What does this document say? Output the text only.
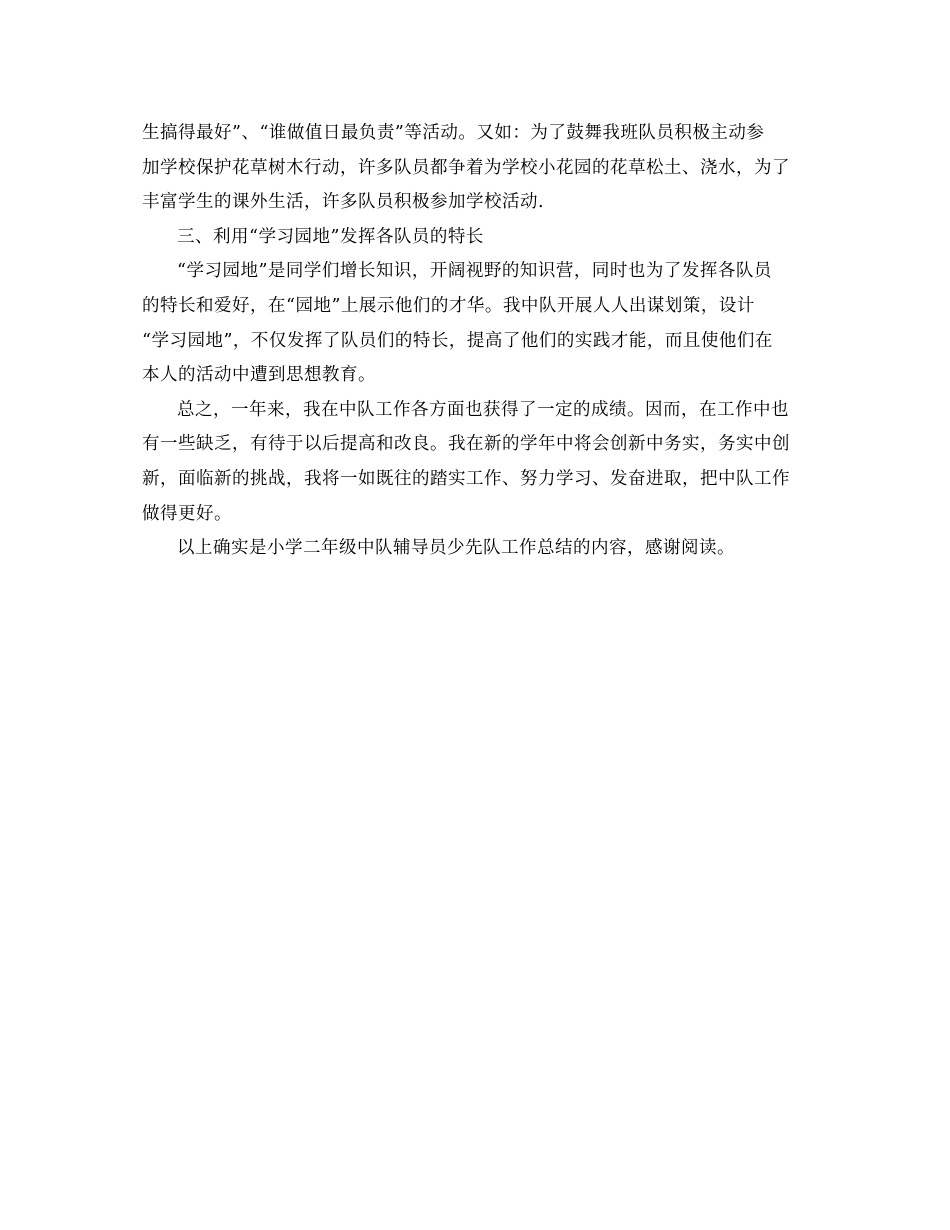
生搞得最好”、“谁做值日最负责”等活动。又如：为了鼓舞我班队员积极主动参
加学校保护花草树木行动，许多队员都争着为学校小花园的花草松土、浇水，为了
丰富学生的课外生活，许多队员积极参加学校活动.
三、利用“学习园地”发挥各队员的特长
“学习园地”是同学们增长知识，开阔视野的知识营，同时也为了发挥各队员
的特长和爱好，在“园地”上展示他们的才华。我中队开展人人出谋划策，设计
“学习园地”，不仅发挥了队员们的特长，提高了他们的实践才能，而且使他们在
本人的活动中遭到思想教育。
总之，一年来，我在中队工作各方面也获得了一定的成绩。因而，在工作中也
有一些缺乏，有待于以后提高和改良。我在新的学年中将会创新中务实，务实中创
新，面临新的挑战，我将一如既往的踏实工作、努力学习、发奋进取，把中队工作
做得更好。
以上确实是小学二年级中队辅导员少先队工作总结的内容，感谢阅读。
